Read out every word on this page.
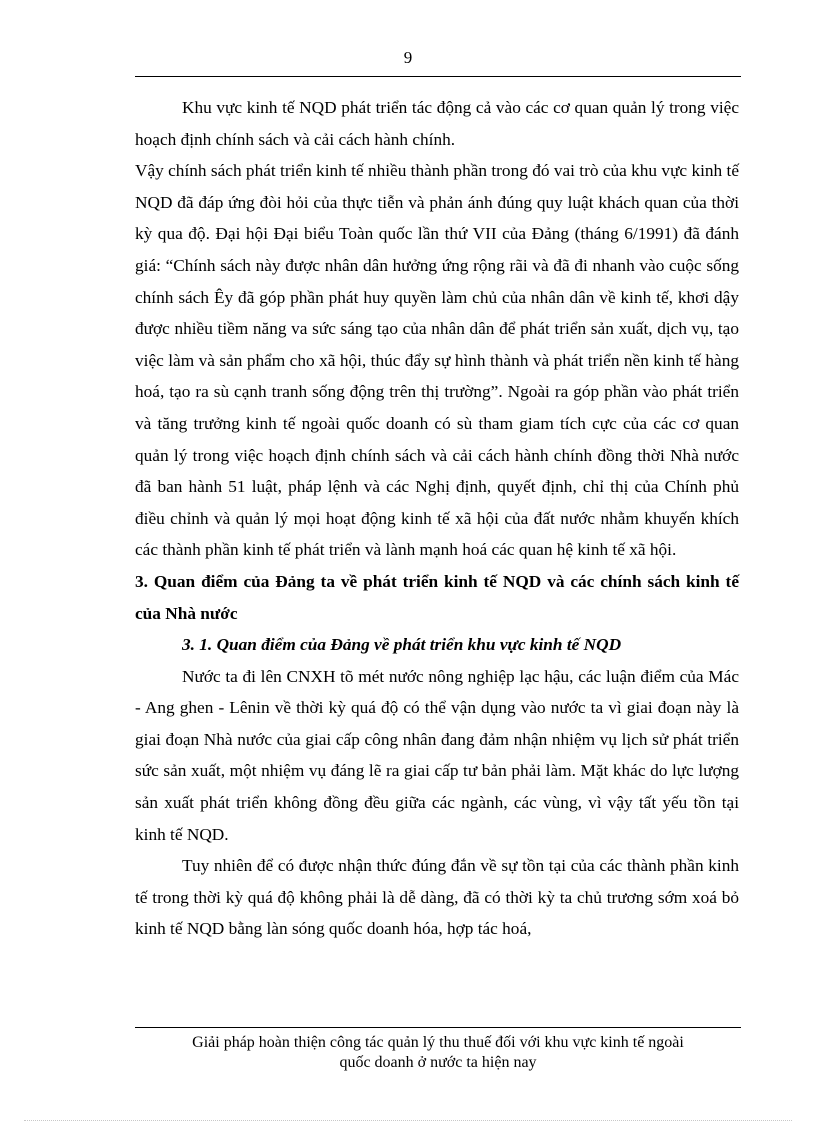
9

Khu vực kinh tế NQD phát triển tác động cả vào các cơ quan quản lý trong việc hoạch định chính sách và cải cách hành chính.

Vậy chính sách phát triển kinh tế nhiều thành phần trong đó vai trò của khu vực kinh tế NQD đã đáp ứng đòi hỏi của thực tiễn và phản ánh đúng quy luật khách quan của thời kỳ qua độ. Đại hội Đại biểu Toàn quốc lần thứ VII của Đảng (tháng 6/1991) đã đánh giá: “Chính sách này được nhân dân hưởng ứng rộng rãi và đã đi nhanh vào cuộc sống chính sách Êy đã góp phần phát huy quyền làm chủ của nhân dân về kinh tế, khơi dậy được nhiều tiềm năng va sức sáng tạo của nhân dân để phát triển sản xuất, dịch vụ, tạo việc làm và sản phẩm cho xã hội, thúc đẩy sự hình thành và phát triển nền kinh tế hàng hoá, tạo ra sù cạnh tranh sống động trên thị trường”. Ngoài ra góp phần vào phát triển và tăng trưởng kinh tế ngoài quốc doanh có sù tham giam tích cực của các cơ quan quản lý trong việc hoạch định chính sách và cải cách hành chính đồng thời Nhà nước đã ban hành 51 luật, pháp lệnh và các Nghị định, quyết định, chỉ thị của Chính phủ điều chỉnh và quản lý mọi hoạt động kinh tế xã hội của đất nước nhằm khuyến khích các thành phần kinh tế phát triển và lành mạnh hoá các quan hệ kinh tế xã hội.

3. Quan điểm của Đảng ta về phát triển kinh tế NQD và các chính sách kinh tế của Nhà nước

3. 1. Quan điểm của Đảng về phát triển khu vực kinh tế NQD

Nước ta đi lên CNXH tõ mét nước nông nghiệp lạc hậu, các luận điểm của Mác - Ang ghen - Lênin về thời kỳ quá độ có thể vận dụng vào nước ta vì giai đoạn này là giai đoạn Nhà nước của giai cấp công nhân đang đảm nhận nhiệm vụ lịch sử phát triển sức sản xuất, một nhiệm vụ đáng lẽ ra giai cấp tư bản phải làm. Mặt khác do lực lượng sản xuất phát triển không đồng đều giữa các ngành, các vùng, vì vậy tất yếu tồn tại kinh tế NQD.

Tuy nhiên để có được nhận thức đúng đắn về sự tồn tại của các thành phần kinh tế trong thời kỳ quá độ không phải là dễ dàng, đã có thời kỳ ta chủ trương sớm xoá bỏ kinh tế NQD bằng làn sóng quốc doanh hóa, hợp tác hoá,

Giải pháp hoàn thiện công tác quản lý thu thuế đối với khu vực kinh tế ngoài
quốc doanh ở nước ta hiện nay
